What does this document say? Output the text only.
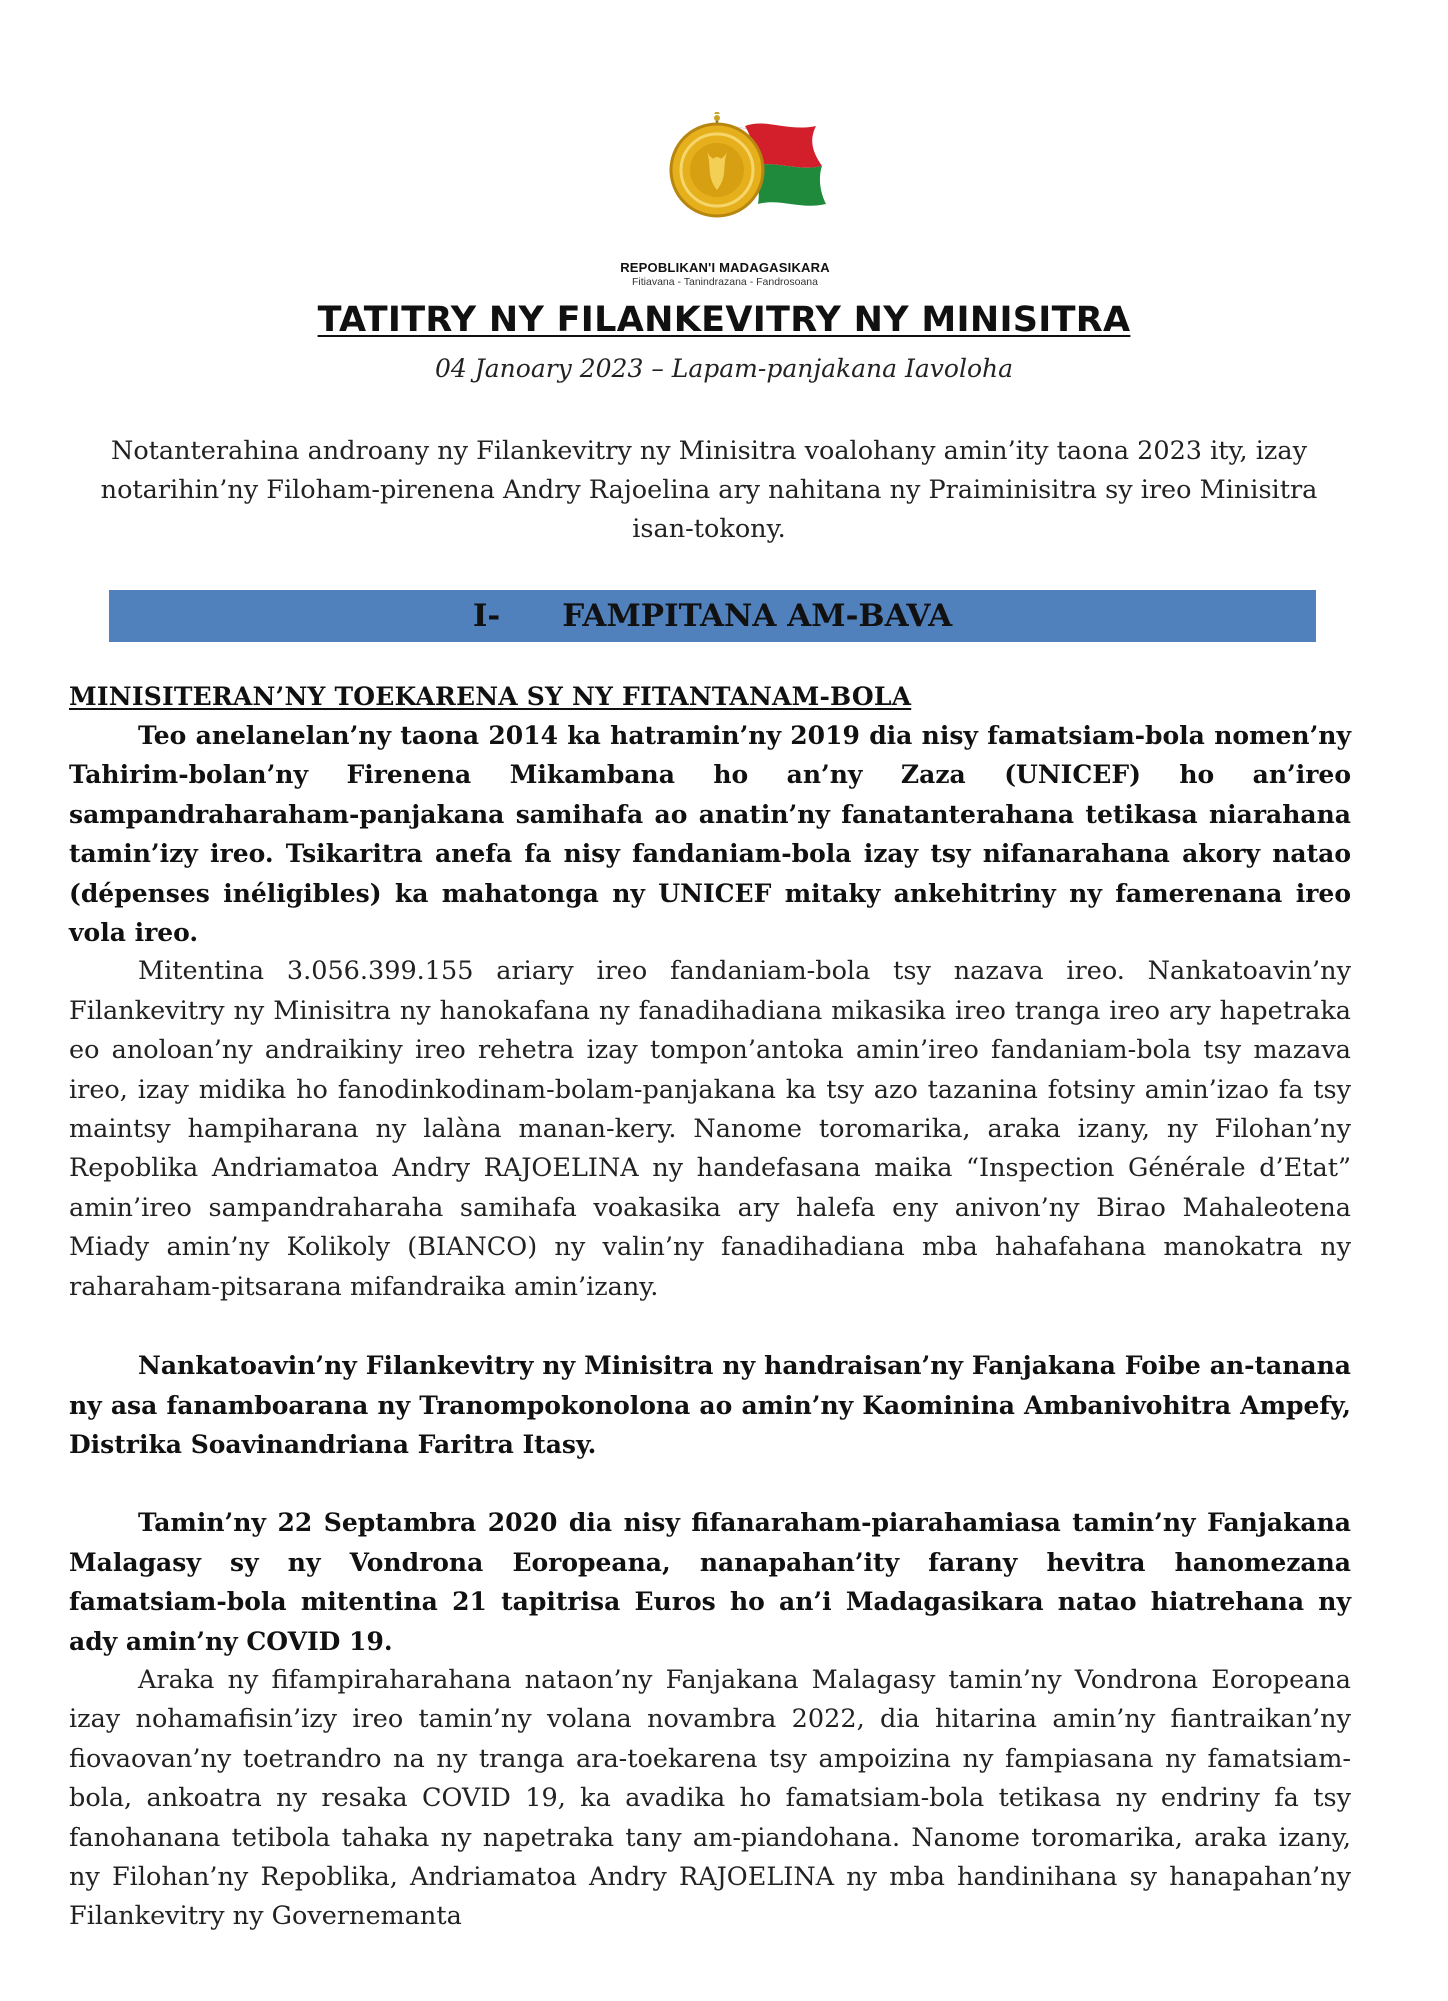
REPOBLIKAN'I MADAGASIKARA
Fitiavana - Tanindrazana - Fandrosoana
TATITRY NY FILANKEVITRY NY MINISITRA
04 Janoary 2023 – Lapam-panjakana Iavoloha
Notanterahina androany ny Filankevitry ny Minisitra voalohany amin’ity taona 2023 ity, izay notarihin’ny Filoham-pirenena Andry Rajoelina ary nahitana ny Praiminisitra sy ireo Minisitra isan-tokony.
I- FAMPITANA AM-BAVA
MINISITERAN’NY TOEKARENA SY NY FITANTANAM-BOLA

Teo anelanelan’ny taona 2014 ka hatramin’ny 2019 dia nisy famatsiam-bola nomen’ny Tahirim-bolan’ny Firenena Mikambana ho an’ny Zaza (UNICEF) ho an’ireo sampandraharaham-panjakana samihafa ao anatin’ny fanatanterahana tetikasa niarahana tamin’izy ireo. Tsikaritra anefa fa nisy fandaniam-bola izay tsy nifanarahana akory natao (dépenses inéligibles) ka mahatonga ny UNICEF mitaky ankehitriny ny famerenana ireo vola ireo.

Mitentina 3.056.399.155 ariary ireo fandaniam-bola tsy nazava ireo. Nankatoavin’ny Filankevitry ny Minisitra ny hanokafana ny fanadihadiana mikasika ireo tranga ireo ary hapetraka eo anoloan’ny andraikiny ireo rehetra izay tompon’antoka amin’ireo fandaniam-bola tsy mazava ireo, izay midika ho fanodinkodinam-bolam-panjakana ka tsy azo tazanina fotsiny amin’izao fa tsy maintsy hampiharana ny lalàna manan-kery. Nanome toromarika, araka izany, ny Filohan’ny Repoblika Andriamatoa Andry RAJOELINA ny handefasana maika “Inspection Générale d’Etat” amin’ireo sampandraharaha samihafa voakasika ary halefa eny anivon’ny Birao Mahaleotena Miady amin’ny Kolikoly (BIANCO) ny valin’ny fanadihadiana mba hahafahana manokatra ny raharaham-pitsarana mifandraika amin’izany.

Nankatoavin’ny Filankevitry ny Minisitra ny handraisan’ny Fanjakana Foibe an-tanana ny asa fanamboarana ny Tranompokonolona ao amin’ny Kaominina Ambanivohitra Ampefy, Distrika Soavinandriana Faritra Itasy.

Tamin’ny 22 Septambra 2020 dia nisy fifanaraham-piarahamiasa tamin’ny Fanjakana Malagasy sy ny Vondrona Eoropeana, nanapahan’ity farany hevitra hanomezana famatsiam-bola mitentina 21 tapitrisa Euros ho an’i Madagasikara natao hiatrehana ny ady amin’ny COVID 19.

Araka ny fifampiraharahana nataon’ny Fanjakana Malagasy tamin’ny Vondrona Eoropeana izay nohamafisin’izy ireo tamin’ny volana novambra 2022, dia hitarina amin’ny fiantraikan’ny fiovaovan’ny toetrandro na ny tranga ara-toekarena tsy ampoizina ny fampiasana ny famatsiam-bola, ankoatra ny resaka COVID 19, ka avadika ho famatsiam-bola tetikasa ny endriny fa tsy fanohanana tetibola tahaka ny napetraka tany am-piandohana. Nanome toromarika, araka izany, ny Filohan’ny Repoblika, Andriamatoa Andry RAJOELINA ny mba handinihana sy hanapahan’ny Filankevitry ny Governemanta
